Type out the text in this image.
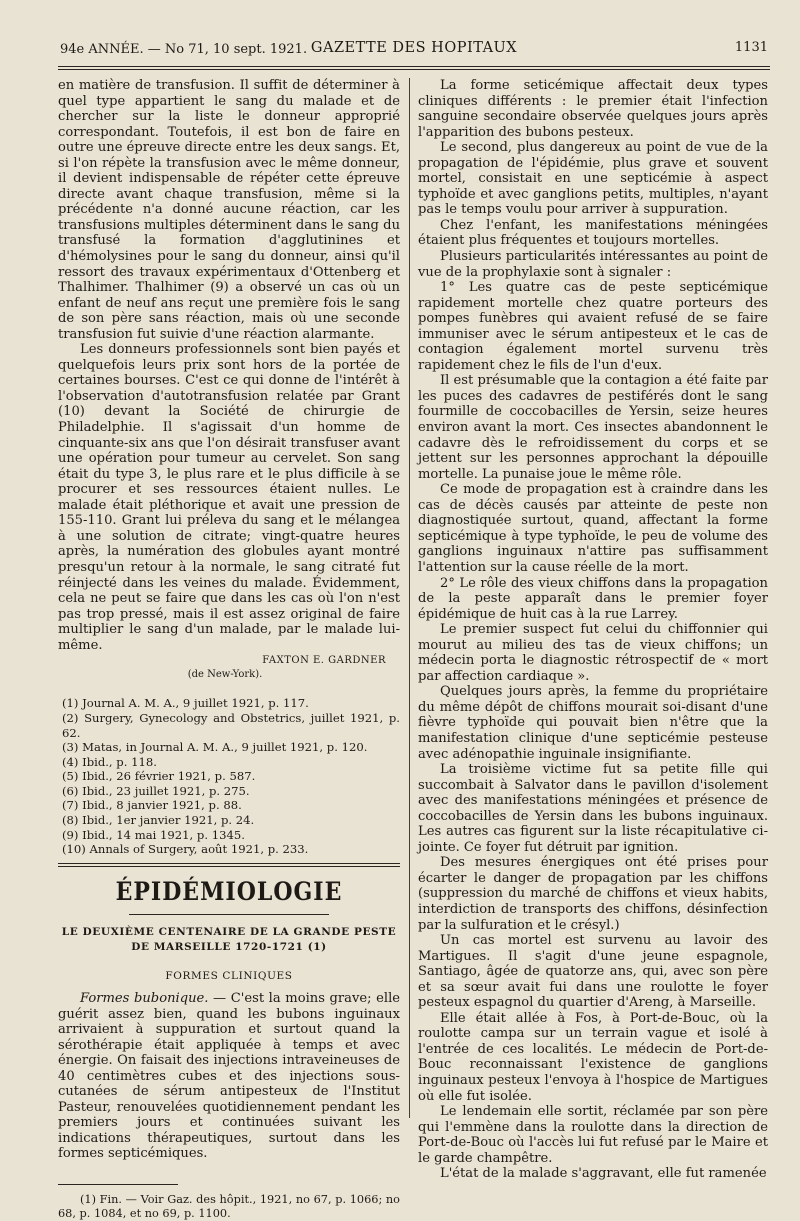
94e ANNÉE. — No 71, 10 sept. 1921. GAZETTE DES HOPITAUX	1131

en matière de transfusion. Il suffit de déterminer à quel type appartient le sang du malade et de chercher sur la liste le donneur approprié correspondant. Toutefois, il est bon de faire en outre une épreuve directe entre les deux sangs. Et, si l'on répète la transfusion avec le même donneur, il devient indispensable de répéter cette épreuve directe avant chaque transfusion, même si la précédente n'a donné aucune réaction, car les transfusions multiples déterminent dans le sang du transfusé la formation d'agglutinines et d'hémolysines pour le sang du donneur, ainsi qu'il ressort des travaux expérimentaux d'Ottenberg et Thalhimer. Thalhimer (9) a observé un cas où un enfant de neuf ans reçut une première fois le sang de son père sans réaction, mais où une seconde transfusion fut suivie d'une réaction alarmante.

Les donneurs professionnels sont bien payés et quelquefois leurs prix sont hors de la portée de certaines bourses. C'est ce qui donne de l'intérêt à l'observation d'autotransfusion relatée par Grant (10) devant la Société de chirurgie de Philadelphie. Il s'agissait d'un homme de cinquante-six ans que l'on désirait transfuser avant une opération pour tumeur au cervelet. Son sang était du type 3, le plus rare et le plus difficile à se procurer et ses ressources étaient nulles. Le malade était pléthorique et avait une pression de 155-110. Grant lui préleva du sang et le mélangea à une solution de citrate; vingt-quatre heures après, la numération des globules ayant montré presqu'un retour à la normale, le sang citraté fut réinjecté dans les veines du malade. Évidemment, cela ne peut se faire que dans les cas où l'on n'est pas trop pressé, mais il est assez original de faire multiplier le sang d'un malade, par le malade lui-même.

FAXTON E. GARDNER
(de New-York).
(1) Journal A. M. A., 9 juillet 1921, p. 117.
(2) Surgery, Gynecology and Obstetrics, juillet 1921, p. 62.
(3) Matas, in Journal A. M. A., 9 juillet 1921, p. 120.
(4) Ibid., p. 118.
(5) Ibid., 26 février 1921, p. 587.
(6) Ibid., 23 juillet 1921, p. 275.
(7) Ibid., 8 janvier 1921, p. 88.
(8) Ibid., 1er janvier 1921, p. 24.
(9) Ibid., 14 mai 1921, p. 1345.
(10) Annals of Surgery, août 1921, p. 233.
ÉPIDÉMIOLOGIE
LE DEUXIÈME CENTENAIRE DE LA GRANDE PESTE
DE MARSEILLE 1720-1721 (1)
FORMES CLINIQUES

Formes bubonique. — C'est la moins grave; elle guérit assez bien, quand les bubons inguinaux arrivaient à suppuration et surtout quand la sérothérapie était appliquée à temps et avec énergie. On faisait des injections intraveineuses de 40 centimètres cubes et des injections sous-cutanées de sérum antipesteux de l'Institut Pasteur, renouvelées quotidiennement pendant les premiers jours et continuées suivant les indications thérapeutiques, surtout dans les formes septicémiques.

(1) Fin. — Voir Gaz. des hôpit., 1921, no 67, p. 1066; no 68, p. 1084, et no 69, p. 1100.

La forme seticémique affectait deux types cliniques différents : le premier était l'infection sanguine secondaire observée quelques jours après l'apparition des bubons pesteux.

Le second, plus dangereux au point de vue de la propagation de l'épidémie, plus grave et souvent mortel, consistait en une septicémie à aspect typhoïde et avec ganglions petits, multiples, n'ayant pas le temps voulu pour arriver à suppuration.

Chez l'enfant, les manifestations méningées étaient plus fréquentes et toujours mortelles.

Plusieurs particularités intéressantes au point de vue de la prophylaxie sont à signaler :

1° Les quatre cas de peste septicémique rapidement mortelle chez quatre porteurs des pompes funèbres qui avaient refusé de se faire immuniser avec le sérum antipesteux et le cas de contagion également mortel survenu très rapidement chez le fils de l'un d'eux.

Il est présumable que la contagion a été faite par les puces des cadavres de pestiférés dont le sang fourmille de coccobacilles de Yersin, seize heures environ avant la mort. Ces insectes abandonnent le cadavre dès le refroidissement du corps et se jettent sur les personnes approchant la dépouille mortelle. La punaise joue le même rôle.

Ce mode de propagation est à craindre dans les cas de décès causés par atteinte de peste non diagnostiquée surtout, quand, affectant la forme septicémique à type typhoïde, le peu de volume des ganglions inguinaux n'attire pas suffisamment l'attention sur la cause réelle de la mort.

2° Le rôle des vieux chiffons dans la propagation de la peste apparaît dans le premier foyer épidémique de huit cas à la rue Larrey.

Le premier suspect fut celui du chiffonnier qui mourut au milieu des tas de vieux chiffons; un médecin porta le diagnostic rétrospectif de « mort par affection cardiaque ».

Quelques jours après, la femme du propriétaire du même dépôt de chiffons mourait soi-disant d'une fièvre typhoïde qui pouvait bien n'être que la manifestation clinique d'une septicémie pesteuse avec adénopathie inguinale insignifiante.

La troisième victime fut sa petite fille qui succombait à Salvator dans le pavillon d'isolement avec des manifestations méningées et présence de coccobacilles de Yersin dans les bubons inguinaux. Les autres cas figurent sur la liste récapitulative ci-jointe. Ce foyer fut détruit par ignition.

Des mesures énergiques ont été prises pour écarter le danger de propagation par les chiffons (suppression du marché de chiffons et vieux habits, interdiction de transports des chiffons, désinfection par la sulfuration et le crésyl.)

Un cas mortel est survenu au lavoir des Martigues. Il s'agit d'une jeune espagnole, Santiago, âgée de quatorze ans, qui, avec son père et sa sœur avait fui dans une roulotte le foyer pesteux espagnol du quartier d'Areng, à Marseille.

Elle était allée à Fos, à Port-de-Bouc, où la roulotte campa sur un terrain vague et isolé à l'entrée de ces localités. Le médecin de Port-de-Bouc reconnaissant l'existence de ganglions inguinaux pesteux l'envoya à l'hospice de Martigues où elle fut isolée.

Le lendemain elle sortit, réclamée par son père qui l'emmène dans la roulotte dans la direction de Port-de-Bouc où l'accès lui fut refusé par le Maire et le garde champêtre.

L'état de la malade s'aggravant, elle fut ramenée
